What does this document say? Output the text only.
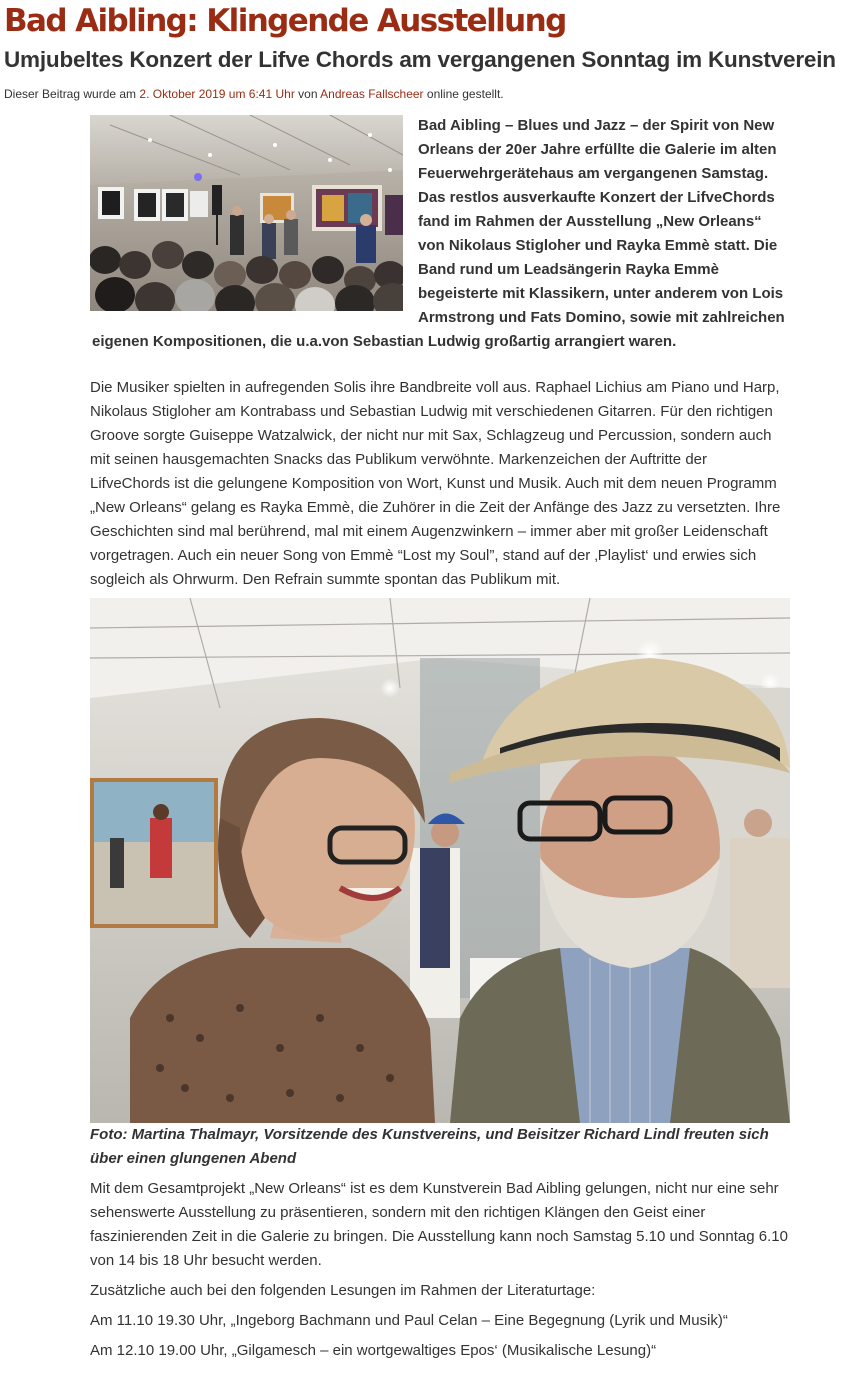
Bad Aibling: Klingende Ausstellung
Umjubeltes Konzert der Lifve Chords am vergangenen Sonntag im Kunstverein
Dieser Beitrag wurde am 2. Oktober 2019 um 6:41 Uhr von Andreas Fallscheer online gestellt.

Bad Aibling – Blues und Jazz – der Spirit von New Orleans der 20er Jahre erfüllte die Galerie im alten Feuerwehrgerätehaus am vergangenen Samstag. Das restlos ausverkaufte Konzert der LifveChords fand im Rahmen der Ausstellung „New Orleans“ von Nikolaus Stigloher und Rayka Emmè statt. Die Band rund um Leadsängerin Rayka Emmè begeisterte mit Klassikern, unter anderem von Lois Armstrong und Fats Domino, sowie mit zahlreichen eigenen Kompositionen, die u.a.von Sebastian Ludwig großartig arrangiert waren.

Die Musiker spielten in aufregenden Solis ihre Bandbreite voll aus. Raphael Lichius am Piano und Harp, Nikolaus Stigloher am Kontrabass und Sebastian Ludwig mit verschiedenen Gitarren. Für den richtigen Groove sorgte Guiseppe Watzalwick, der nicht nur mit Sax, Schlagzeug und Percussion, sondern auch mit seinen hausgemachten Snacks das Publikum verwöhnte. Markenzeichen der Auftritte der LifveChords ist die gelungene Komposition von Wort, Kunst und Musik. Auch mit dem neuen Programm „New Orleans“ gelang es Rayka Emmè, die Zuhörer in die Zeit der Anfänge des Jazz zu versetzten. Ihre Geschichten sind mal berührend, mal mit einem Augenzwinkern – immer aber mit großer Leidenschaft vorgetragen. Auch ein neuer Song von Emmè “Lost my Soul”, stand auf der ‚Playlist‘ und erwies sich sogleich als Ohrwurm. Den Refrain summte spontan das Publikum mit.

Foto: Martina Thalmayr, Vorsitzende des Kunstvereins, und Beisitzer Richard Lindl freuten sich über einen glungenen Abend

Mit dem Gesamtprojekt „New Orleans“ ist es dem Kunstverein Bad Aibling gelungen, nicht nur eine sehr sehenswerte Ausstellung zu präsentieren, sondern mit den richtigen Klängen den Geist einer faszinierenden Zeit in die Galerie zu bringen. Die Ausstellung kann noch Samstag 5.10 und Sonntag 6.10 von 14 bis 18 Uhr besucht werden.

Zusätzliche auch bei den folgenden Lesungen im Rahmen der Literaturtage:

Am 11.10 19.30 Uhr, „Ingeborg Bachmann und Paul Celan – Eine Begegnung (Lyrik und Musik)“

Am 12.10 19.00 Uhr, „Gilgamesch – ein wortgewaltiges Epos‘ (Musikalische Lesung)“
